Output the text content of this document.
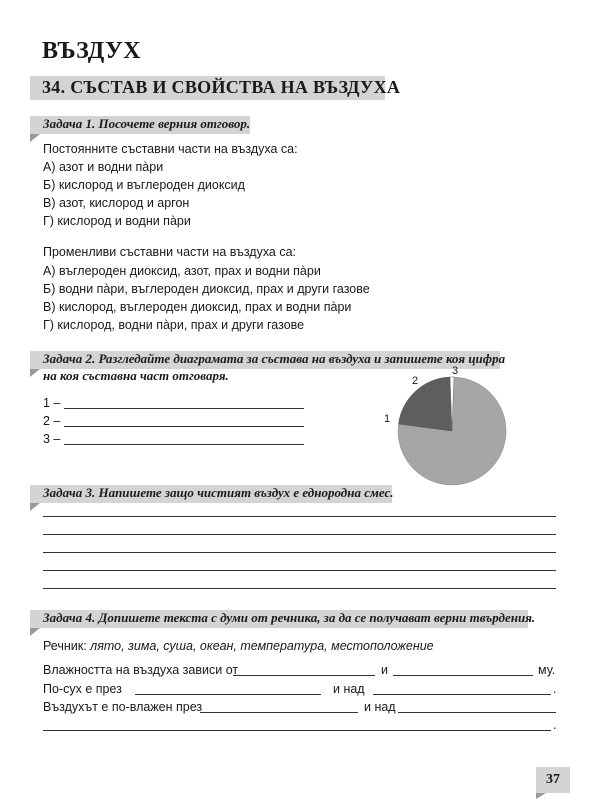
ВЪЗДУХ
34. СЪСТАВ И СВОЙСТВА НА ВЪЗДУХА
Задача 1. Посочете верния отговор.
Постоянните съставни части на въздуха са:
А) азот и водни пàри
Б) кислород и въглероден диоксид
В) азот, кислород и аргон
Г) кислород и водни пàри
Променливи съставни части на въздуха са:
А) въглероден диоксид, азот, прах и водни пàри
Б) водни пàри, въглероден диоксид, прах и други газове
В) кислород, въглероден диоксид, прах и водни пàри
Г) кислород, водни пàри, прах и други газове
Задача 2. Разгледайте диаграмата за състава на въздуха и запишете коя цифра
на коя съставна част отговаря.
1 –
2 –
3 –
1
2
3
Задача 3. Напишете защо чистият въздух е еднородна смес.
Задача 4. Допишете текста с думи от речника, за да се получават верни твърдения.
Речник: лято, зима, суша, океан, температура, местоположение
Влажността на въздуха зависи от	и	му.
По-сух е през	и над	.
Въздухът е по-влажен през	и над
.
37
